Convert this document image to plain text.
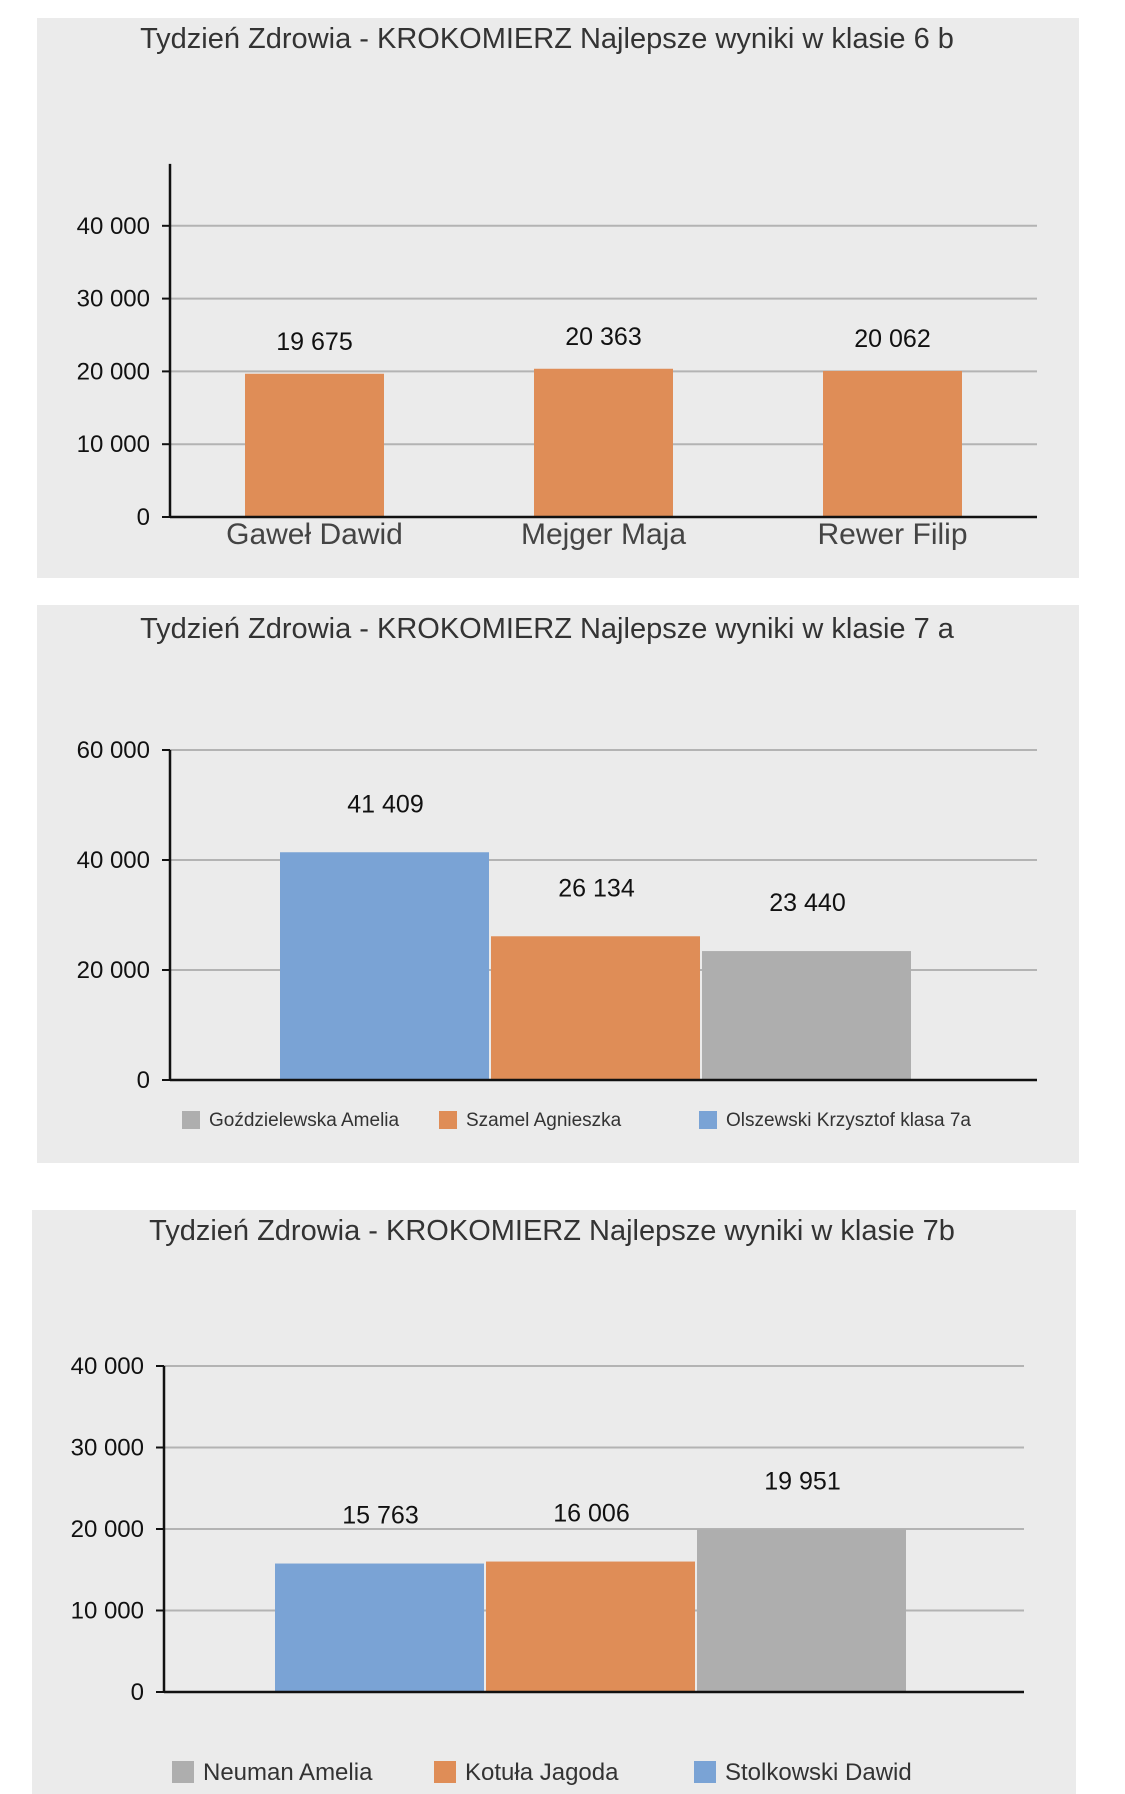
Tydzień Zdrowia - KROKOMIERZ Najlepsze wyniki w klasie 6 b
19 675
Gaweł Dawid
20 363
Mejger Maja
20 062
Rewer Filip
0
10 000
20 000
30 000
40 000
Tydzień Zdrowia - KROKOMIERZ Najlepsze wyniki w klasie 7 a
41 409
26 134
23 440
0
20 000
40 000
60 000
Goździelewska Amelia	Szamel Agnieszka	Olszewski Krzysztof klasa 7a
Tydzień Zdrowia - KROKOMIERZ Najlepsze wyniki w klasie 7b
15 763	16 006
19 951
0
10 000
20 000
30 000
40 000
Neuman Amelia	Kotuła Jagoda	Stolkowski Dawid
